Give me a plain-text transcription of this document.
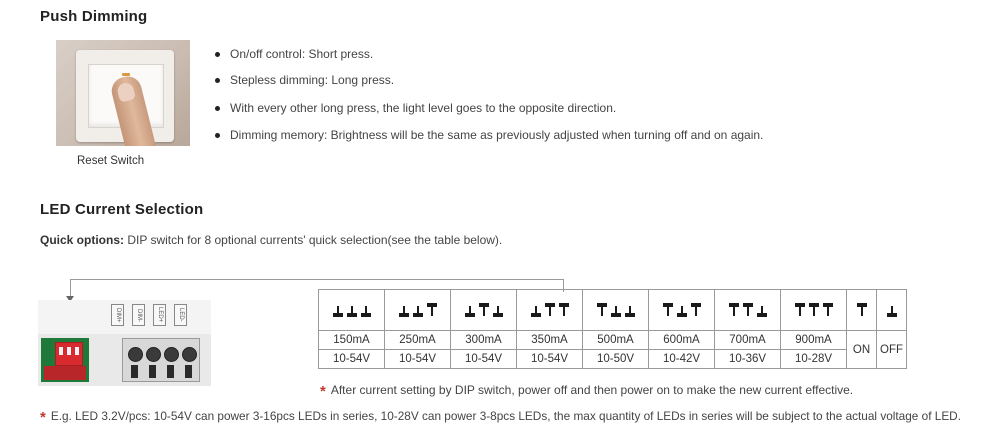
Push Dimming
Reset Switch
On/off control: Short press.
Stepless dimming: Long press.
With every other long press, the light level goes to the opposite direction.
Dimming memory: Brightness will be the same as previously adjusted when turning off and on again.
LED Current Selection
Quick options: DIP switch for 8 optional currents' quick selection(see the table below).
DIM+	DIM-	LED+	LED-

150mA	250mA	300mA	350mA	500mA	600mA	700mA	900mA	ON	OFF
10-54V	10-54V	10-54V	10-54V	10-50V	10-42V	10-36V	10-28V		
* After current setting by DIP switch, power off and then power on to make the new current effective.
* E.g. LED 3.2V/pcs: 10-54V can power 3-16pcs LEDs in series, 10-28V can power 3-8pcs LEDs, the max quantity of LEDs in series will be subject to the actual voltage of LED.
